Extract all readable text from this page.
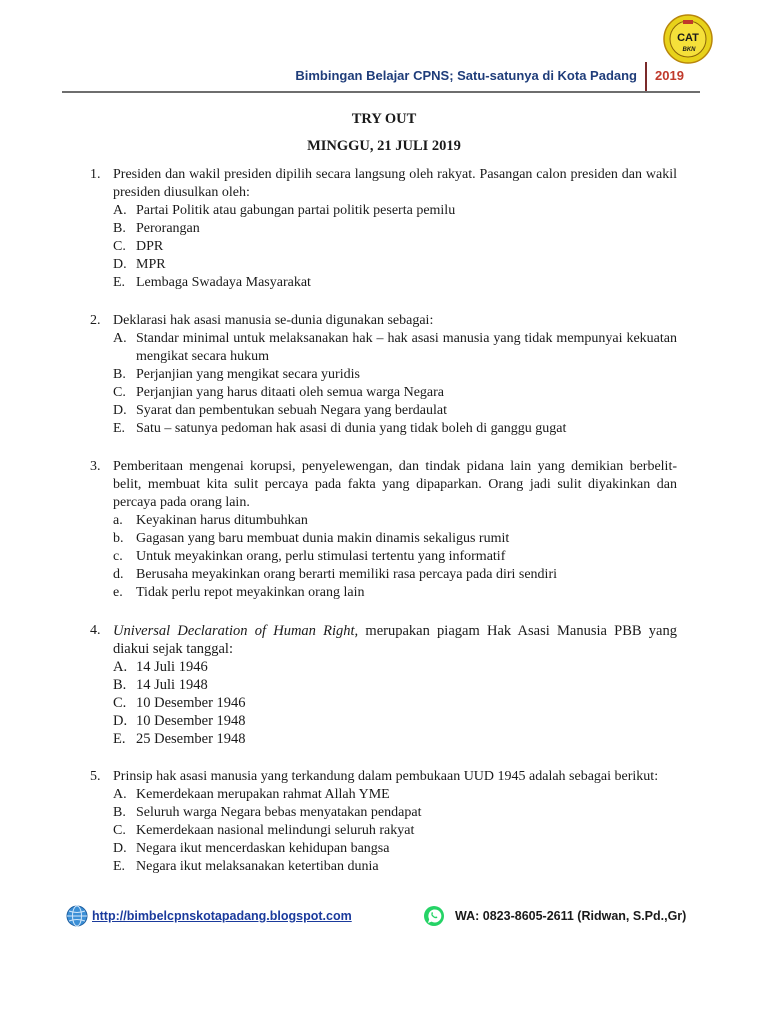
CAT
BKN
Bimbingan Belajar CPNS; Satu-satunya di Kota Padang 2019
TRY OUT
MINGGU, 21 JULI 2019
1. Presiden dan wakil presiden dipilih secara langsung oleh rakyat. Pasangan calon presiden dan wakil presiden diusulkan oleh:
A. Partai Politik atau gabungan partai politik peserta pemilu
B. Perorangan
C. DPR
D. MPR
E. Lembaga Swadaya Masyarakat
2. Deklarasi hak asasi manusia se-dunia digunakan sebagai:
A. Standar minimal untuk melaksanakan hak – hak asasi manusia yang tidak mempunyai kekuatan mengikat secara hukum
B. Perjanjian yang mengikat secara yuridis
C. Perjanjian yang harus ditaati oleh semua warga Negara
D. Syarat dan pembentukan sebuah Negara yang berdaulat
E. Satu – satunya pedoman hak asasi di dunia yang tidak boleh di ganggu gugat
3. Pemberitaan mengenai korupsi, penyelewengan, dan tindak pidana lain yang demikian berbelit-belit, membuat kita sulit percaya pada fakta yang dipaparkan. Orang jadi sulit diyakinkan dan percaya pada orang lain.
a. Keyakinan harus ditumbuhkan
b. Gagasan yang baru membuat dunia makin dinamis sekaligus rumit
c. Untuk meyakinkan orang, perlu stimulasi tertentu yang informatif
d. Berusaha meyakinkan orang berarti memiliki rasa percaya pada diri sendiri
e. Tidak perlu repot meyakinkan orang lain
4. Universal Declaration of Human Right, merupakan piagam Hak Asasi Manusia PBB yang diakui sejak tanggal:
A. 14 Juli 1946
B. 14 Juli 1948
C. 10 Desember 1946
D. 10 Desember 1948
E. 25 Desember 1948
5. Prinsip hak asasi manusia yang terkandung dalam pembukaan UUD 1945 adalah sebagai berikut:
A. Kemerdekaan merupakan rahmat Allah YME
B. Seluruh warga Negara bebas menyatakan pendapat
C. Kemerdekaan nasional melindungi seluruh rakyat
D. Negara ikut mencerdaskan kehidupan bangsa
E. Negara ikut melaksanakan ketertiban dunia
http://bimbelcpnskotapadang.blogspot.com	WA: 0823-8605-2611 (Ridwan, S.Pd.,Gr)
